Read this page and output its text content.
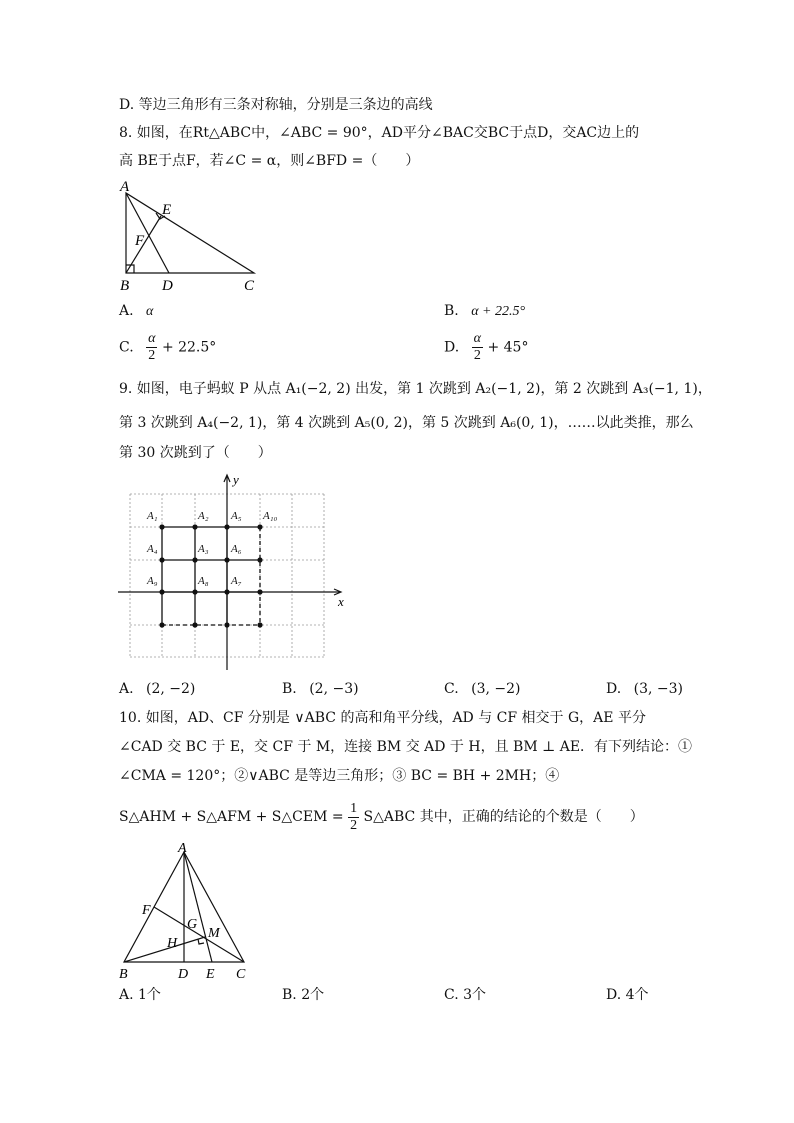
D. 等边三角形有三条对称轴，分别是三条边的高线
8. 如图，在Rt△ABC中，∠ABC = 90°，AD平分∠BAC交BC于点D，交AC边上的
高 BE于点F，若∠C = α，则∠BFD =（　　）
A
E
F
B D	C
A. α	B. α + 22.5°
C. $\frac{\alpha}{2} + 22.5^\circ$	D. $\frac{\alpha}{2} + 45^\circ$
9. 如图，电子蚂蚁 P 从点 A₁(−2, 2) 出发，第 1 次跳到 A₂(−1, 2)，第 2 次跳到 A₃(−1, 1)，
第 3 次跳到 A₄(−2, 1)，第 4 次跳到 A₅(0, 2)，第 5 次跳到 A₆(0, 1)，……以此类推，那么
第 30 次跳到了（　　）
x
y
A₁	A₂ A₅ A₁₀
A₄	A₃ A₆
A₉	A₈ A₇
A. (2, −2)	B. (2, −3)	C. (3, −2)	D. (3, −3)
10. 如图，AD、CF 分别是 ∨ABC 的高和角平分线，AD 与 CF 相交于 G，AE 平分
∠CAD 交 BC 于 E，交 CF 于 M，连接 BM 交 AD 于 H，且 BM ⊥ AE．有下列结论：①
∠CMA = 120°；②∨ABC 是等边三角形；③ BC = BH + 2MH；④
S△AHM + S△AFM + S△CEM = $\frac{1}{2}$ S△ABC 其中，正确的结论的个数是（　　）
A
F
G
M
H
B	D E C
A. 1个	B. 2个	C. 3个	D. 4个
